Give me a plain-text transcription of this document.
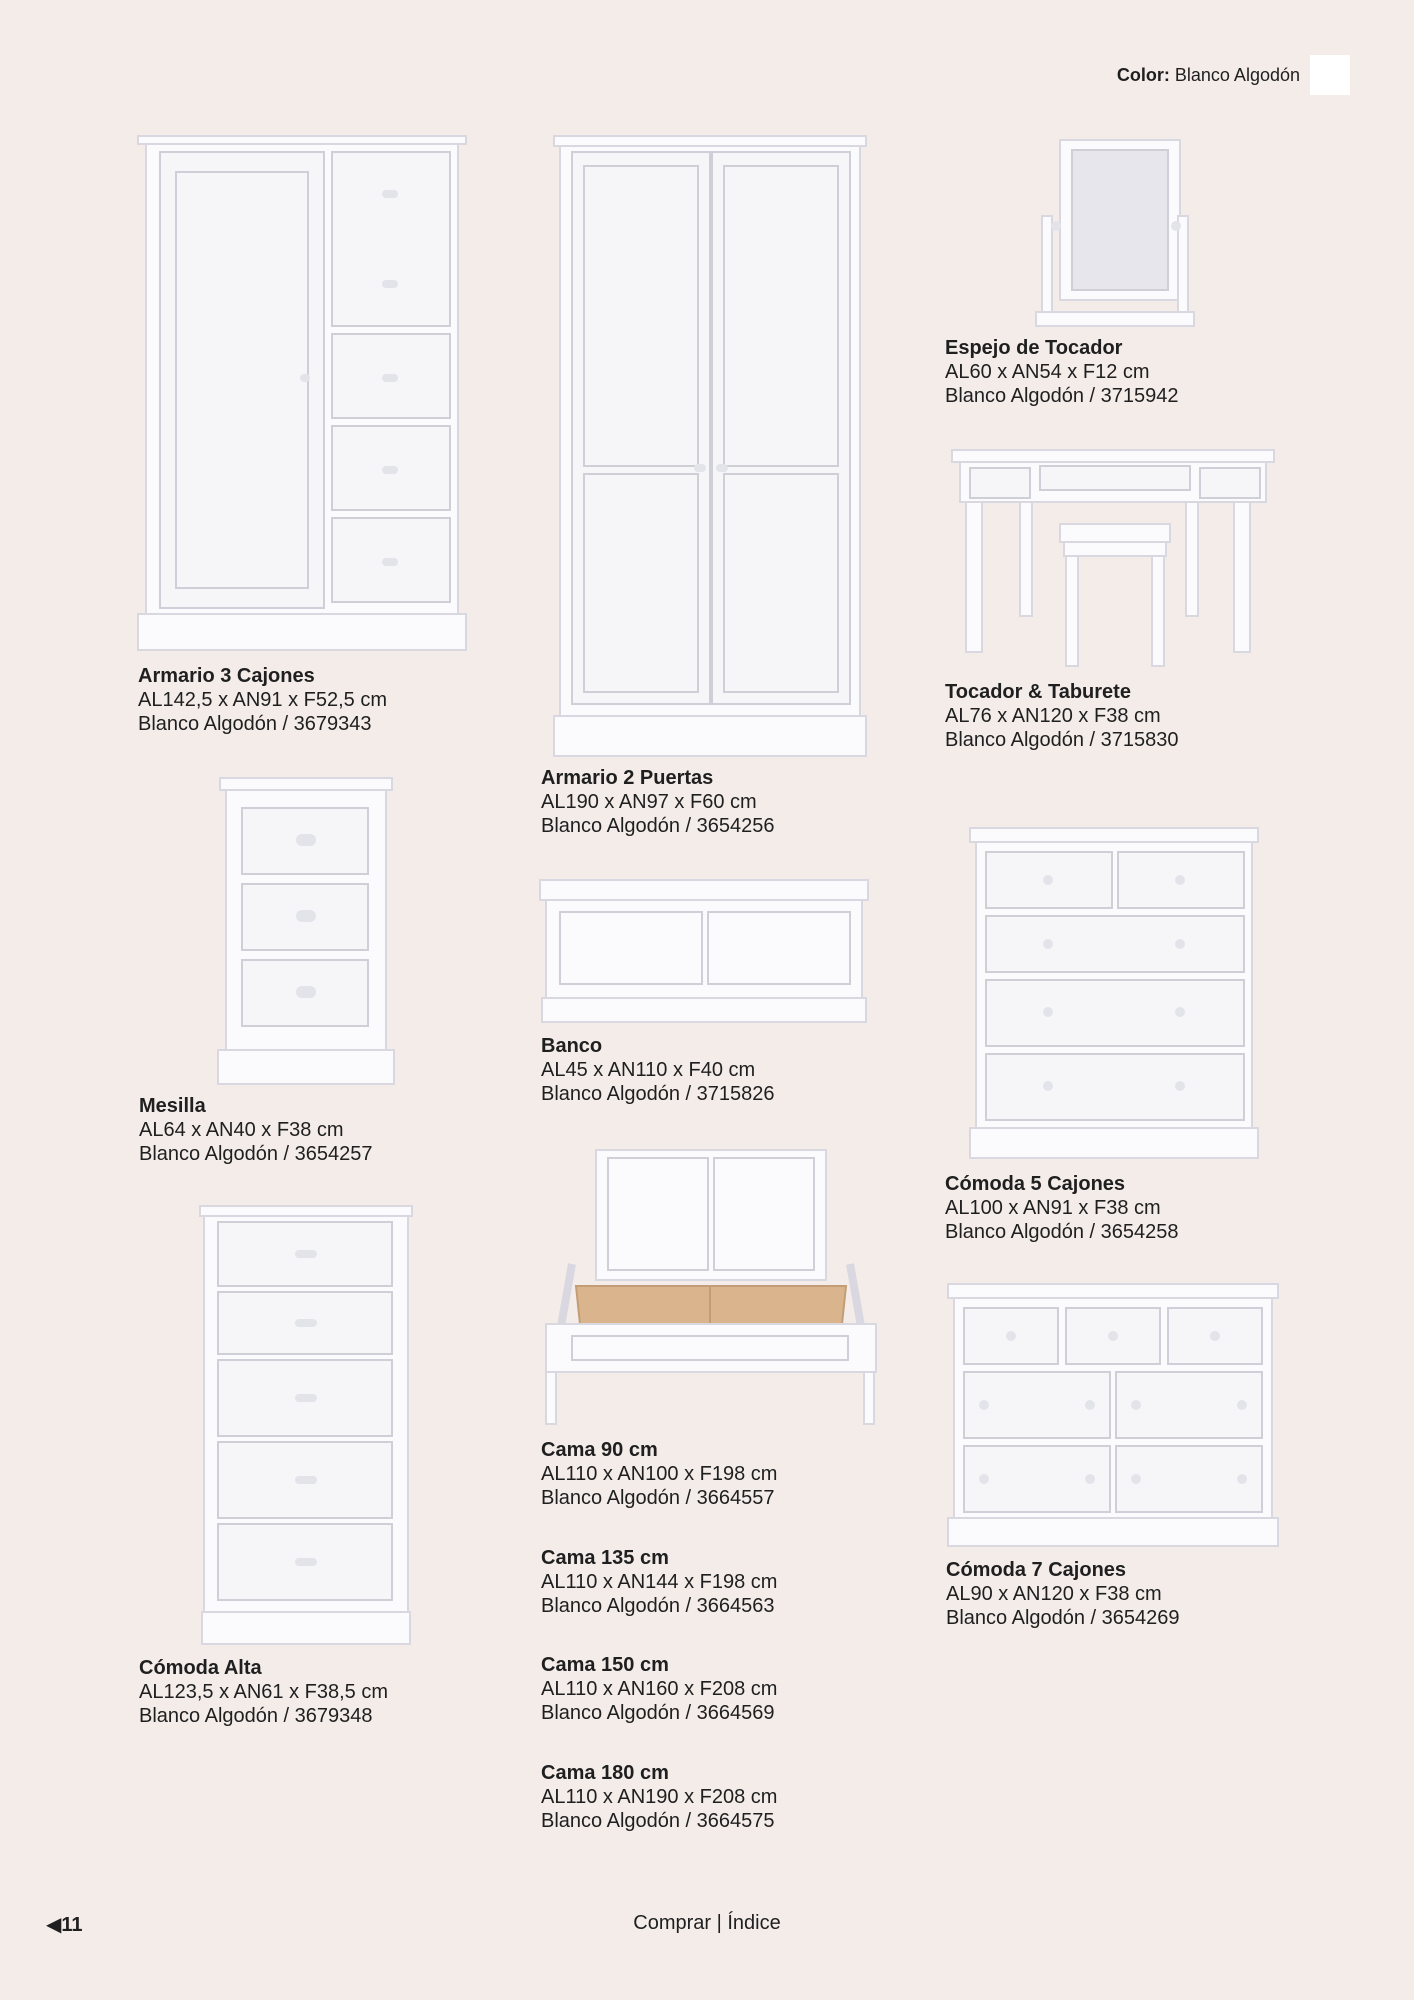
Color: Blanco Algodón
Armario 3 Cajones
AL142,5 x AN91 x F52,5 cm
Blanco Algodón / 3679343
Armario 2 Puertas
AL190 x AN97 x F60 cm
Blanco Algodón / 3654256
Espejo de Tocador
AL60 x AN54 x F12 cm
Blanco Algodón / 3715942
Tocador & Taburete
AL76 x AN120 x F38 cm
Blanco Algodón / 3715830
Mesilla
AL64 x AN40 x F38 cm
Blanco Algodón / 3654257
Banco
AL45 x AN110 x F40 cm
Blanco Algodón / 3715826
Cómoda 5 Cajones
AL100 x AN91 x F38 cm
Blanco Algodón / 3654258
Cómoda Alta
AL123,5 x AN61 x F38,5 cm
Blanco Algodón / 3679348
Cama 90 cm
AL110 x AN100 x F198 cm
Blanco Algodón / 3664557
Cama 135 cm
AL110 x AN144 x F198 cm
Blanco Algodón / 3664563
Cama 150 cm
AL110 x AN160 x F208 cm
Blanco Algodón / 3664569
Cama 180 cm
AL110 x AN190 x F208 cm
Blanco Algodón / 3664575
Cómoda 7 Cajones
AL90 x AN120 x F38 cm
Blanco Algodón / 3654269
◀11	Comprar | Índice
